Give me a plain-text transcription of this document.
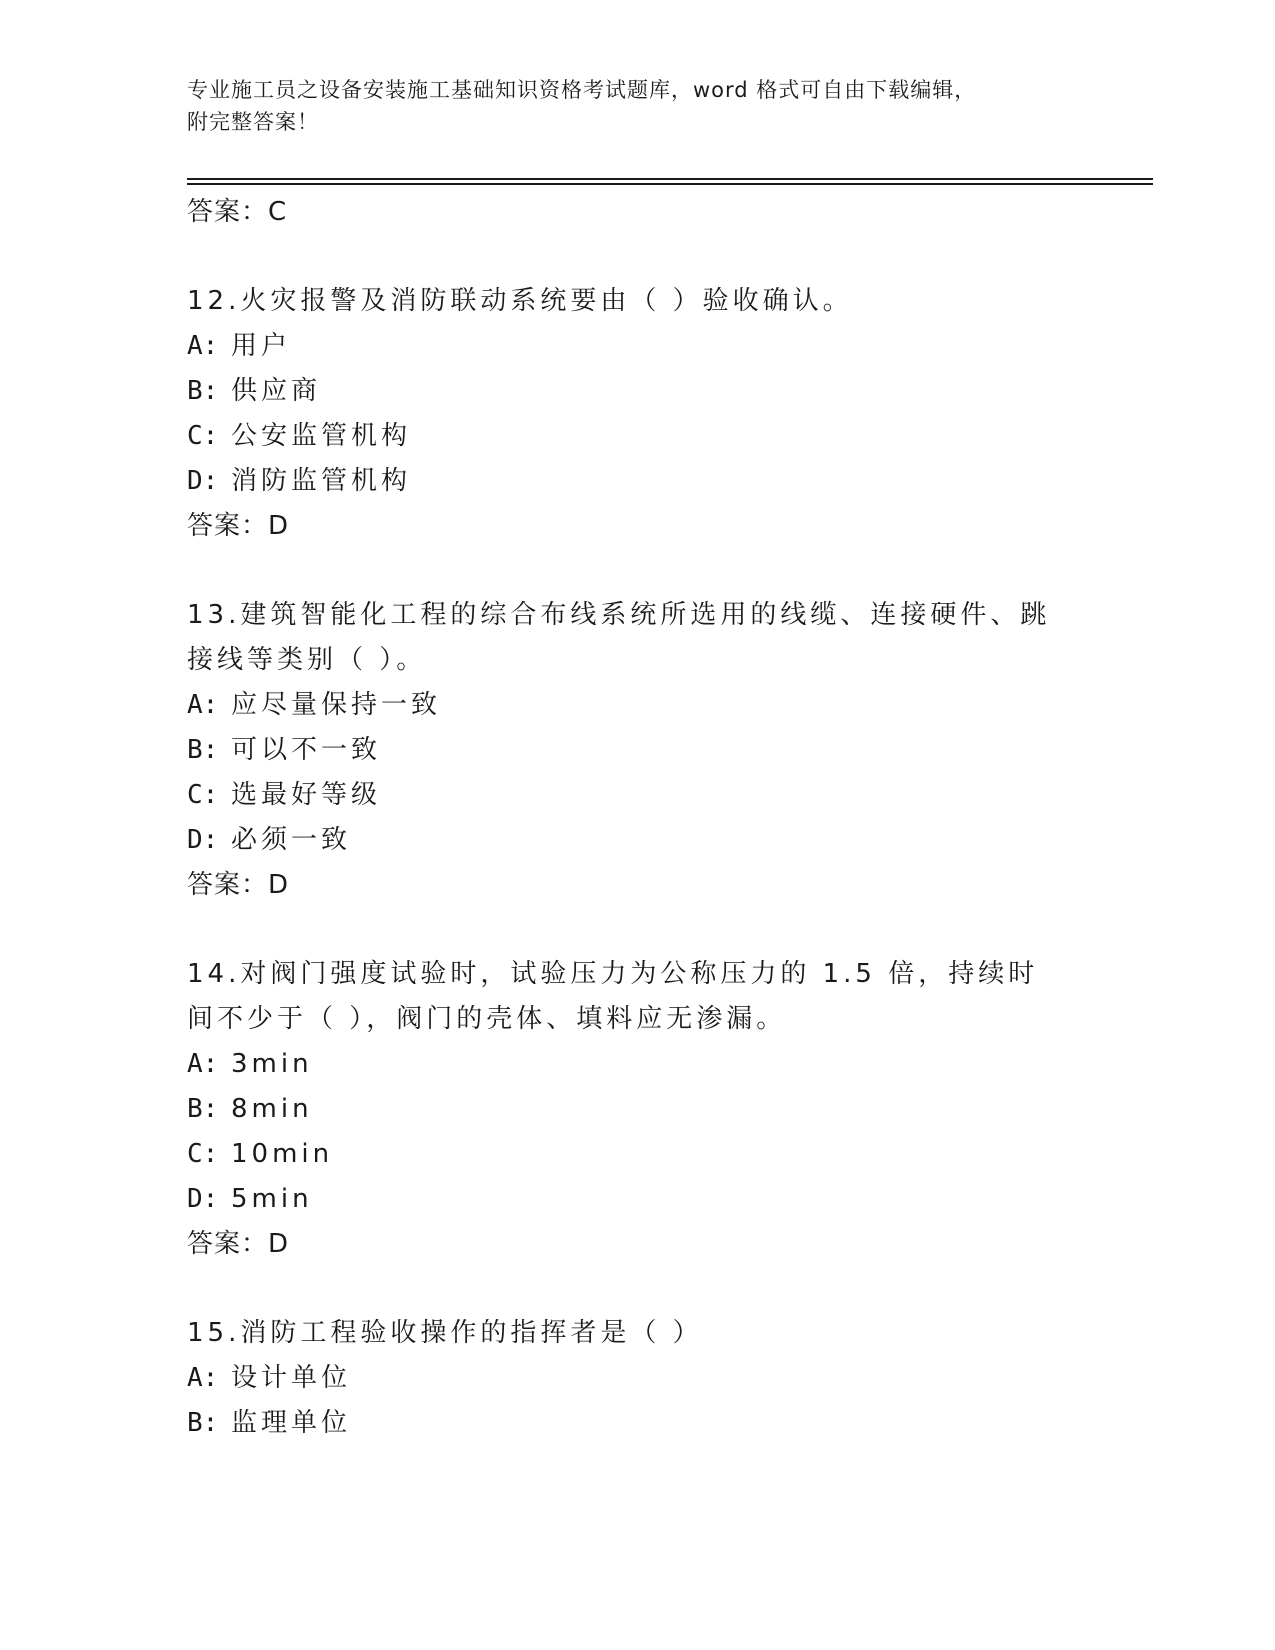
专业施工员之设备安装施工基础知识资格考试题库，word 格式可自由下载编辑，
附完整答案！
答案：C
12.火灾报警及消防联动系统要由（ ）验收确认。
A: 用户
B: 供应商
C: 公安监管机构
D: 消防监管机构
答案：D
13.建筑智能化工程的综合布线系统所选用的线缆、连接硬件、跳接线等类别（ ）。
A: 应尽量保持一致
B: 可以不一致
C: 选最好等级
D: 必须一致
答案：D
14.对阀门强度试验时，试验压力为公称压力的 1.5 倍，持续时间不少于（ ），阀门的壳体、填料应无渗漏。
A: 3min
B: 8min
C: 10min
D: 5min
答案：D
15.消防工程验收操作的指挥者是（ ）
A: 设计单位
B: 监理单位
